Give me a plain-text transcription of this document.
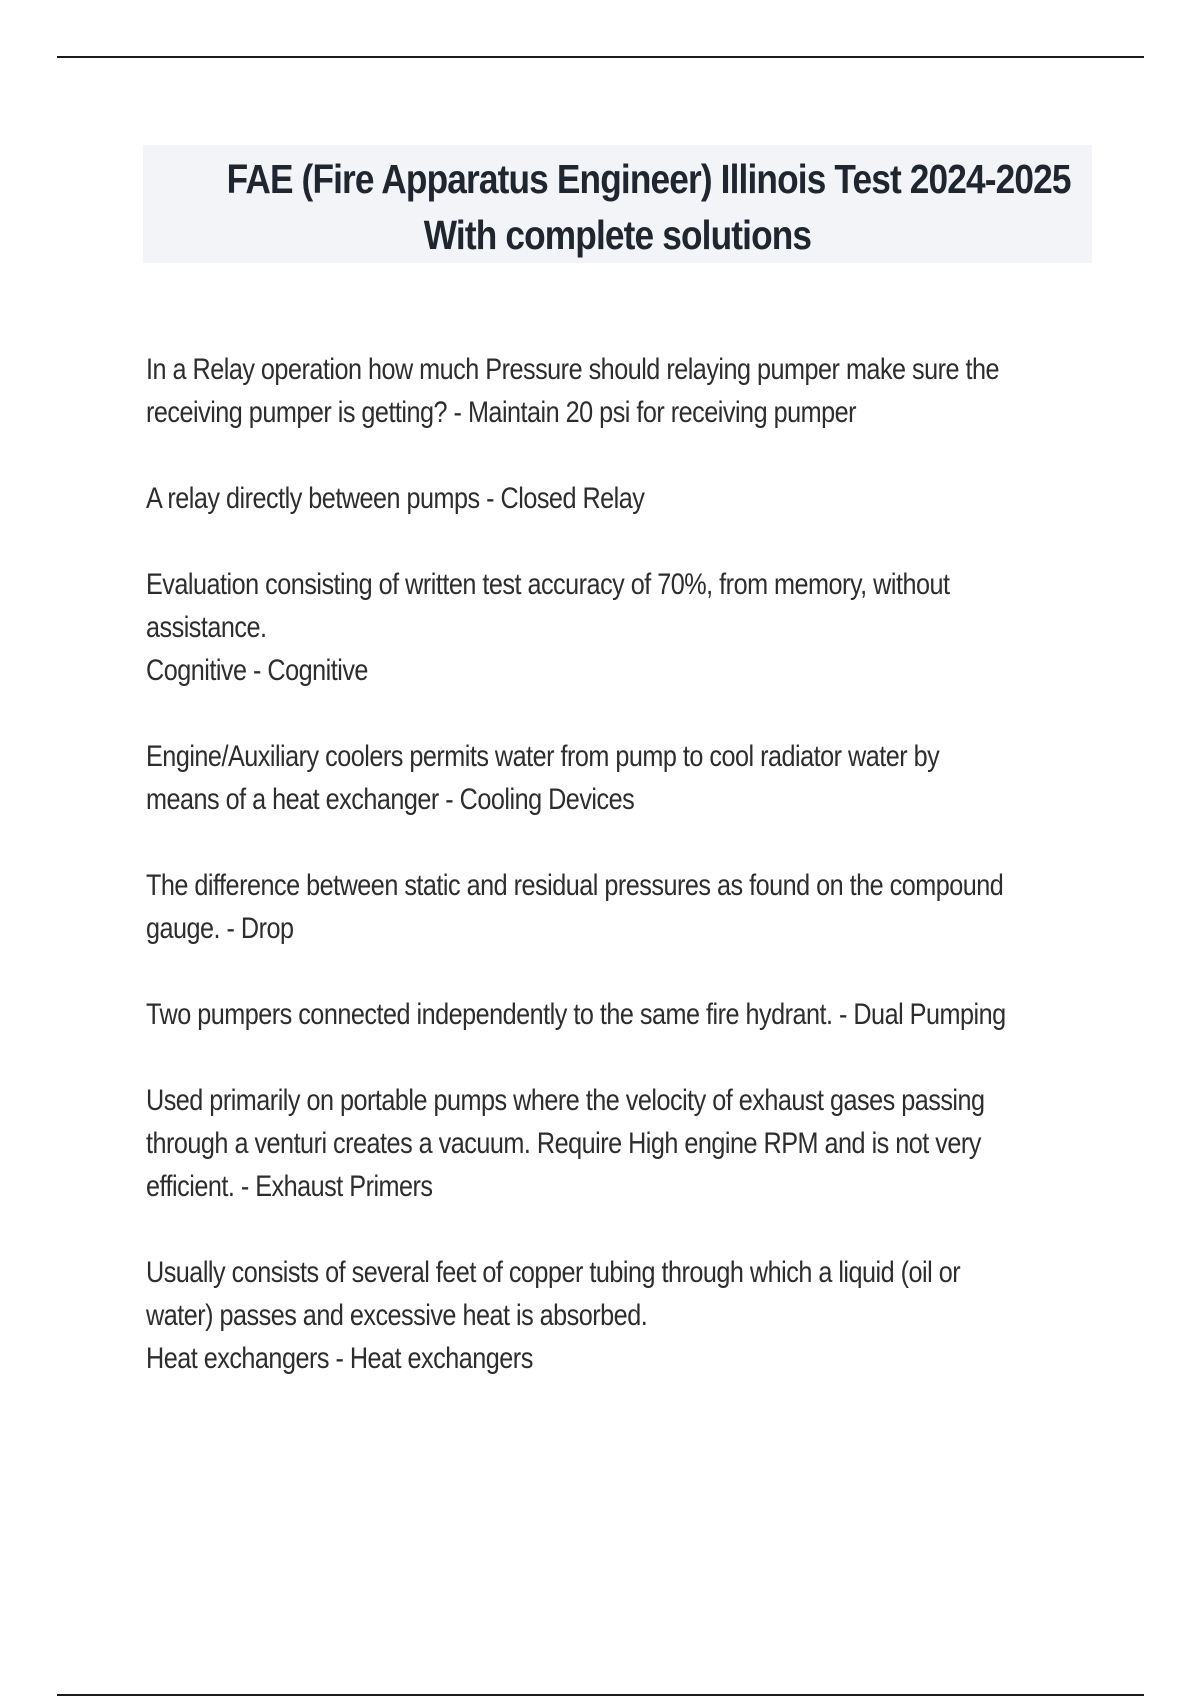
FAE (Fire Apparatus Engineer) Illinois Test 2024-2025
With complete solutions
In a Relay operation how much Pressure should relaying pumper make sure the
receiving pumper is getting? - Maintain 20 psi for receiving pumper
A relay directly between pumps - Closed Relay
Evaluation consisting of written test accuracy of 70%, from memory, without
assistance.
Cognitive - Cognitive
Engine/Auxiliary coolers permits water from pump to cool radiator water by
means of a heat exchanger - Cooling Devices
The difference between static and residual pressures as found on the compound
gauge. - Drop
Two pumpers connected independently to the same fire hydrant. - Dual Pumping
Used primarily on portable pumps where the velocity of exhaust gases passing
through a venturi creates a vacuum. Require High engine RPM and is not very
efficient. - Exhaust Primers
Usually consists of several feet of copper tubing through which a liquid (oil or
water) passes and excessive heat is absorbed.
Heat exchangers - Heat exchangers
